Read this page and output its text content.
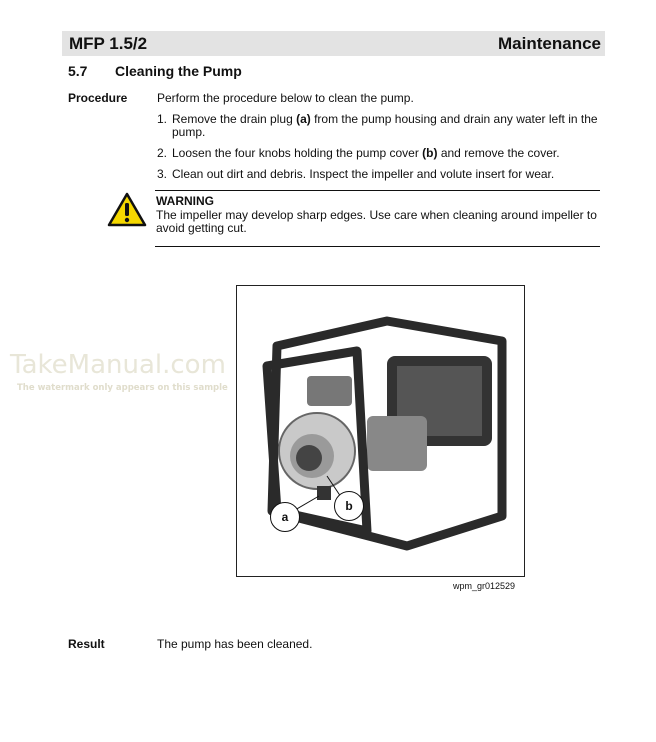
MFP 1.5/2	Maintenance
5.7 Cleaning the Pump
Procedure Perform the procedure below to clean the pump.
1. Remove the drain plug (a) from the pump housing and drain any water left in the pump.
2. Loosen the four knobs holding the pump cover (b) and remove the cover.
3. Clean out dirt and debris. Inspect the impeller and volute insert for wear.
WARNING
The impeller may develop sharp edges. Use care when cleaning around impeller to avoid getting cut.
TakeManual.com
The watermark only appears on this sample
a
b
wpm_gr012529
Result	The pump has been cleaned.
